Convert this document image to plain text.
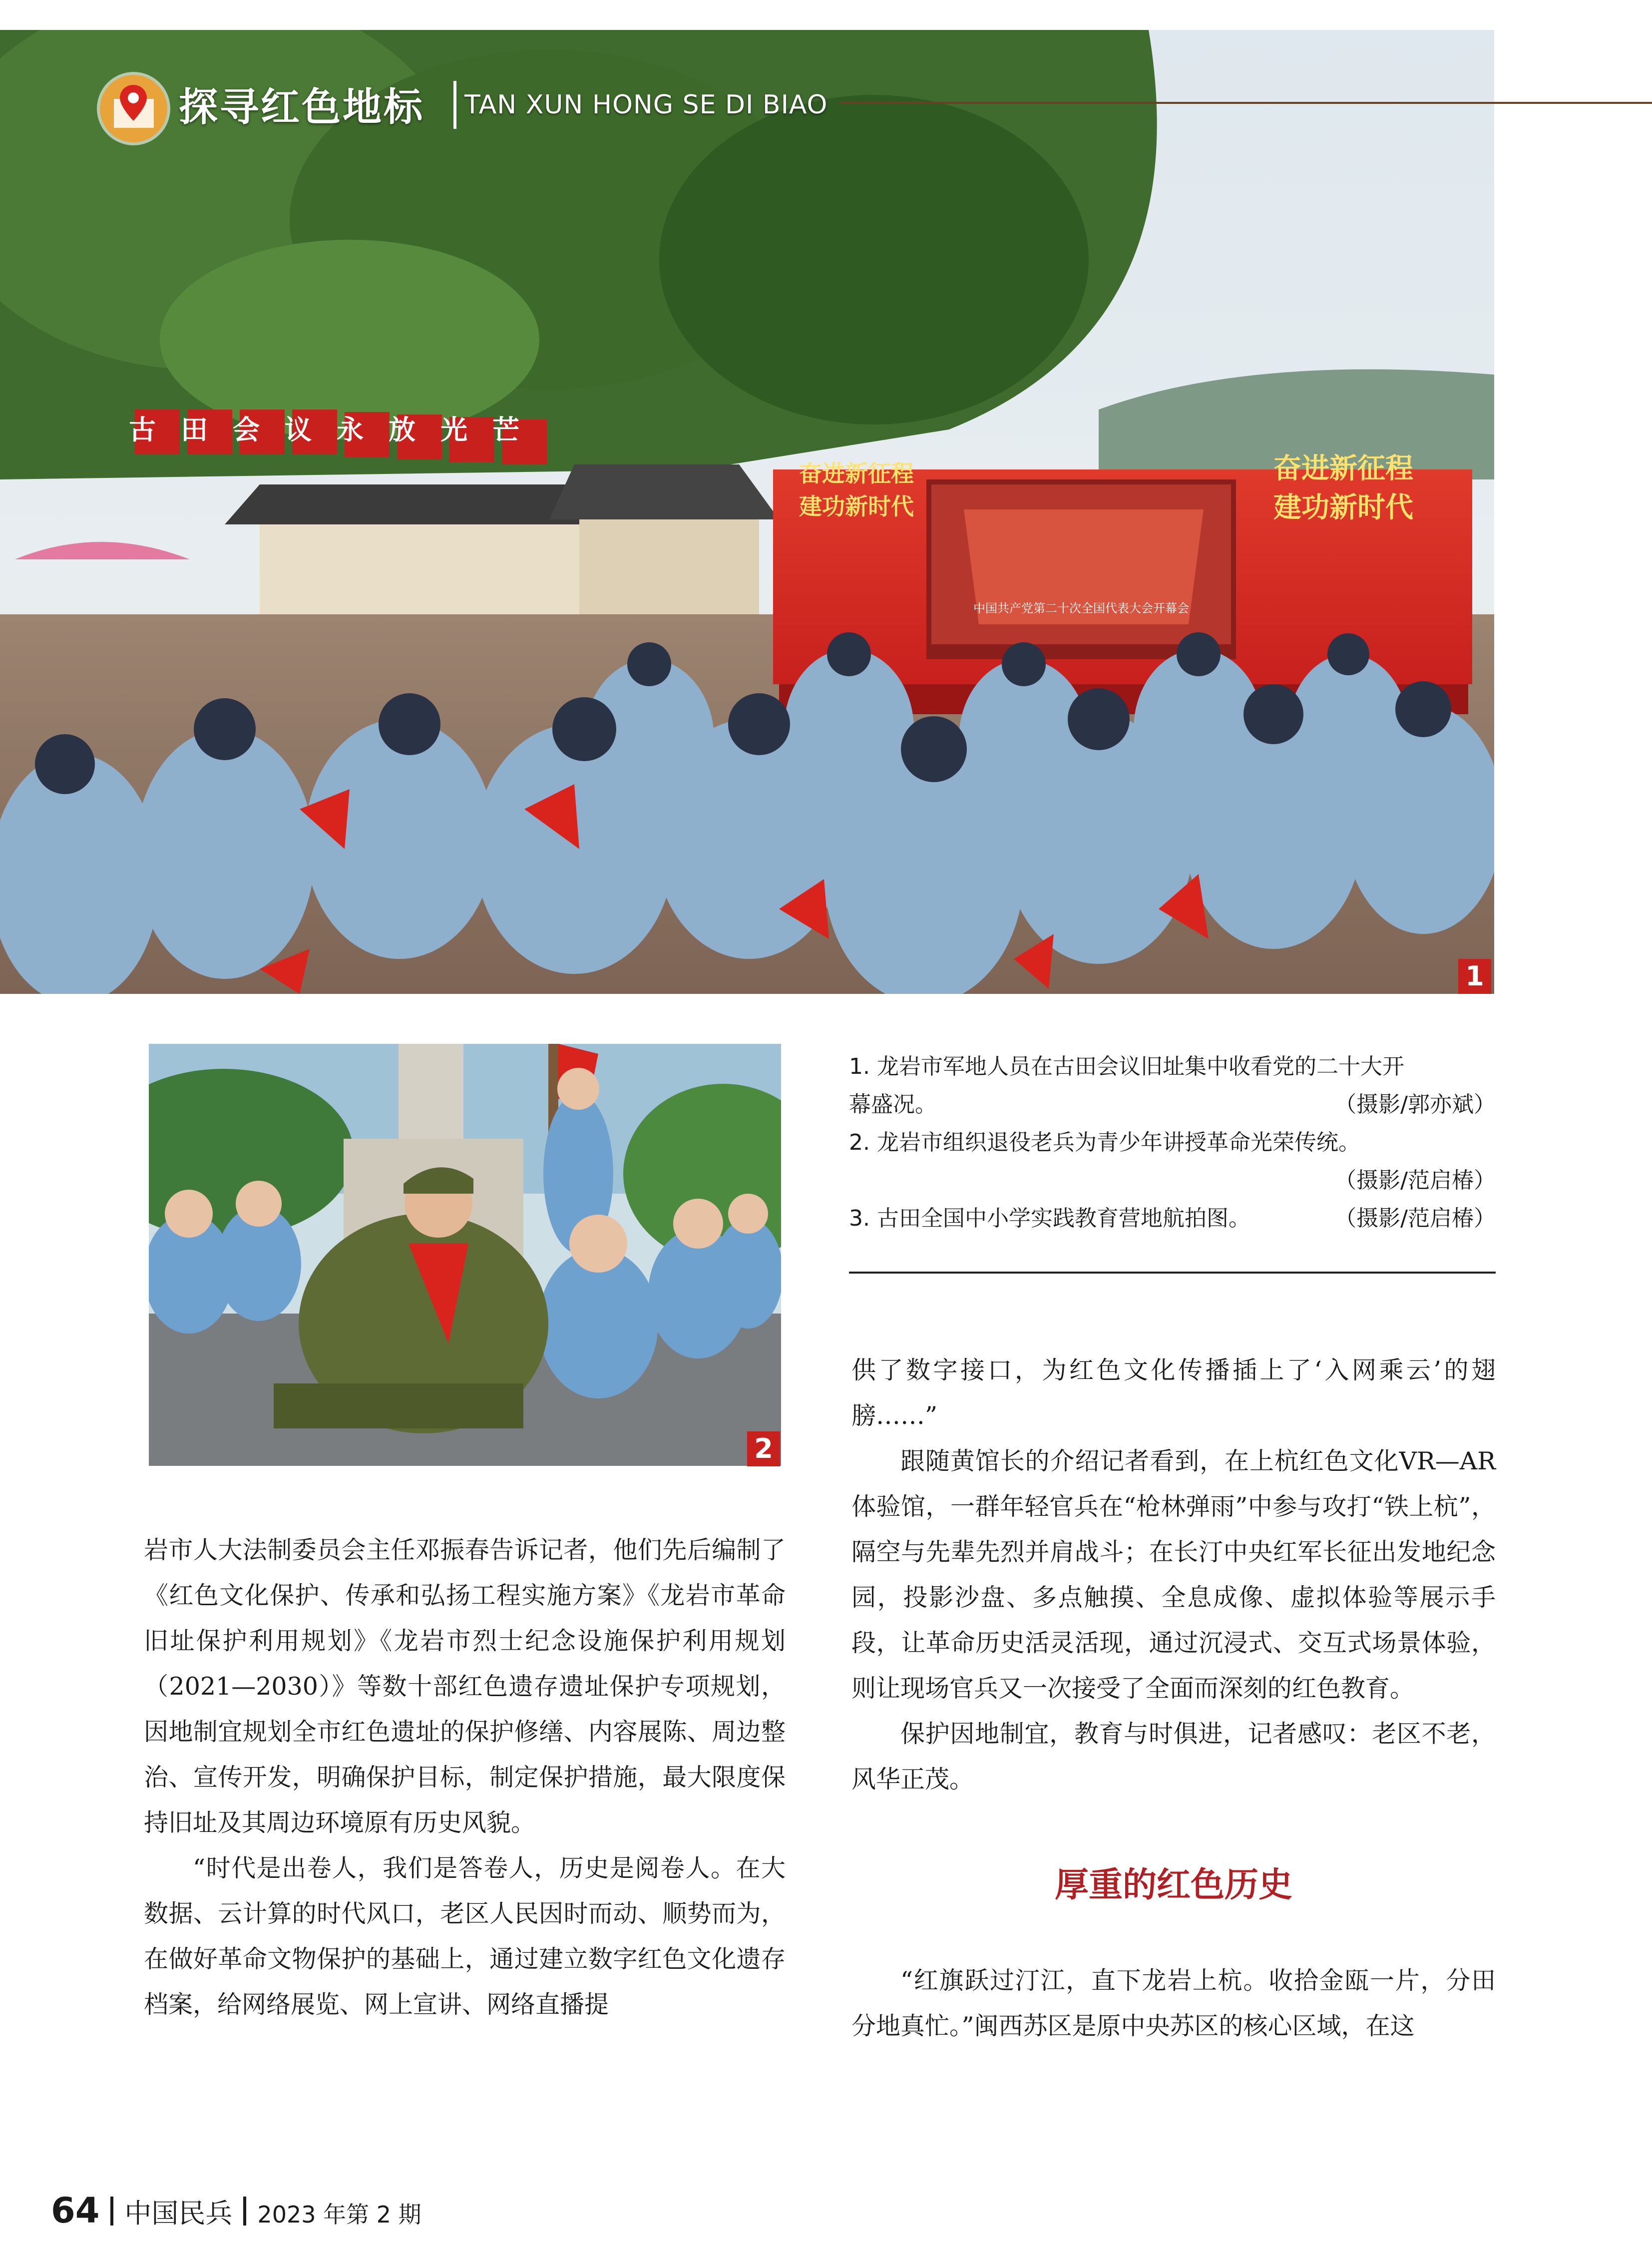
古田会议永放光芒
奋进新征程
建功新时代
奋进新征程
建功新时代
中国共产党第二十次全国代表大会开幕会
探寻红色地标 TAN XUN HONG SE DI BIAO
1
2
1. 龙岩市军地人员在古田会议旧址集中收看党的二十大开
幕盛况。	（摄影/郭亦斌）
2. 龙岩市组织退役老兵为青少年讲授革命光荣传统。
（摄影/范启椿）
3. 古田全国中小学实践教育营地航拍图。	（摄影/范启椿）

岩市人大法制委员会主任邓振春告诉记者，他们先后编制了《红色文化保护、传承和弘扬工程实施方案》《龙岩市革命旧址保护利用规划》《龙岩市烈士纪念设施保护利用规划（2021—2030）》等数十部红色遗存遗址保护专项规划，因地制宜规划全市红色遗址的保护修缮、内容展陈、周边整治、宣传开发，明确保护目标，制定保护措施，最大限度保持旧址及其周边环境原有历史风貌。

“时代是出卷人，我们是答卷人，历史是阅卷人。在大数据、云计算的时代风口，老区人民因时而动、顺势而为，在做好革命文物保护的基础上，通过建立数字红色文化遗存档案，给网络展览、网上宣讲、网络直播提

供了数字接口，为红色文化传播插上了‘入网乘云’的翅膀……”

跟随黄馆长的介绍记者看到，在上杭红色文化VR—AR体验馆，一群年轻官兵在“枪林弹雨”中参与攻打“铁上杭”，隔空与先辈先烈并肩战斗；在长汀中央红军长征出发地纪念园，投影沙盘、多点触摸、全息成像、虚拟体验等展示手段，让革命历史活灵活现，通过沉浸式、交互式场景体验，则让现场官兵又一次接受了全面而深刻的红色教育。

保护因地制宜，教育与时俱进，记者感叹：老区不老，风华正茂。

厚重的红色历史

“红旗跃过汀江，直下龙岩上杭。收拾金瓯一片，分田分地真忙。”闽西苏区是原中央苏区的核心区域，在这

64 中国民兵 2023 年第 2 期
